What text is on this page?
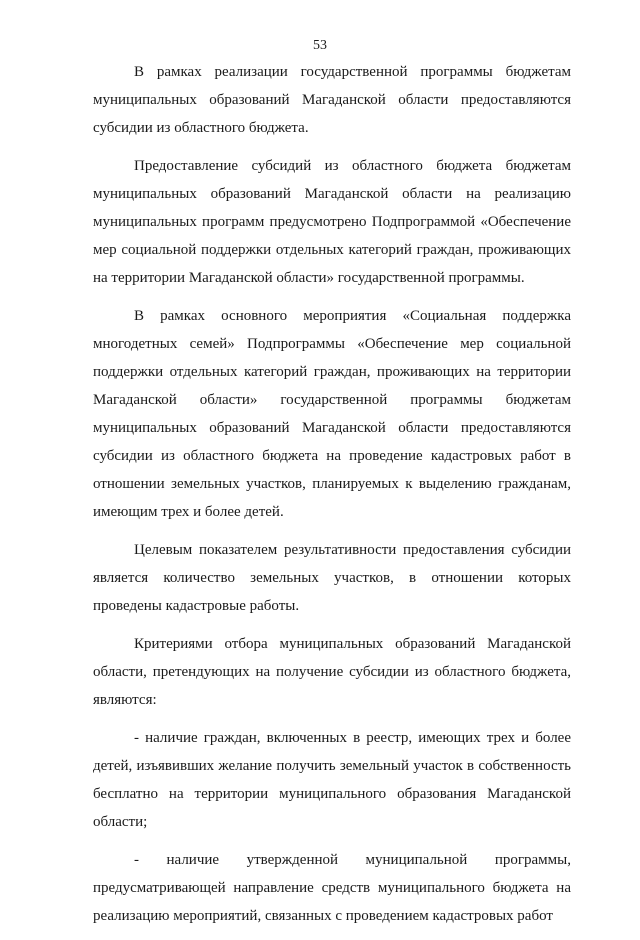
53

В рамках реализации государственной программы бюджетам муниципальных образований Магаданской области предоставляются субсидии из областного бюджета.

Предоставление субсидий из областного бюджета бюджетам муниципальных образований Магаданской области на реализацию муниципальных программ предусмотрено Подпрограммой «Обеспечение мер социальной поддержки отдельных категорий граждан, проживающих на территории Магаданской области» государственной программы.

В рамках основного мероприятия «Социальная поддержка многодетных семей» Подпрограммы «Обеспечение мер социальной поддержки отдельных категорий граждан, проживающих на территории Магаданской области» государственной программы бюджетам муниципальных образований Магаданской области предоставляются субсидии из областного бюджета на проведение кадастровых работ в отношении земельных участков, планируемых к выделению гражданам, имеющим трех и более детей.

Целевым показателем результативности предоставления субсидии является количество земельных участков, в отношении которых проведены кадастровые работы.

Критериями отбора муниципальных образований Магаданской области, претендующих на получение субсидии из областного бюджета, являются:

- наличие граждан, включенных в реестр, имеющих трех и более детей, изъявивших желание получить земельный участок в собственность бесплатно на территории муниципального образования Магаданской области;

- наличие утвержденной муниципальной программы, предусматривающей направление средств муниципального бюджета на реализацию мероприятий, связанных с проведением кадастровых работ
